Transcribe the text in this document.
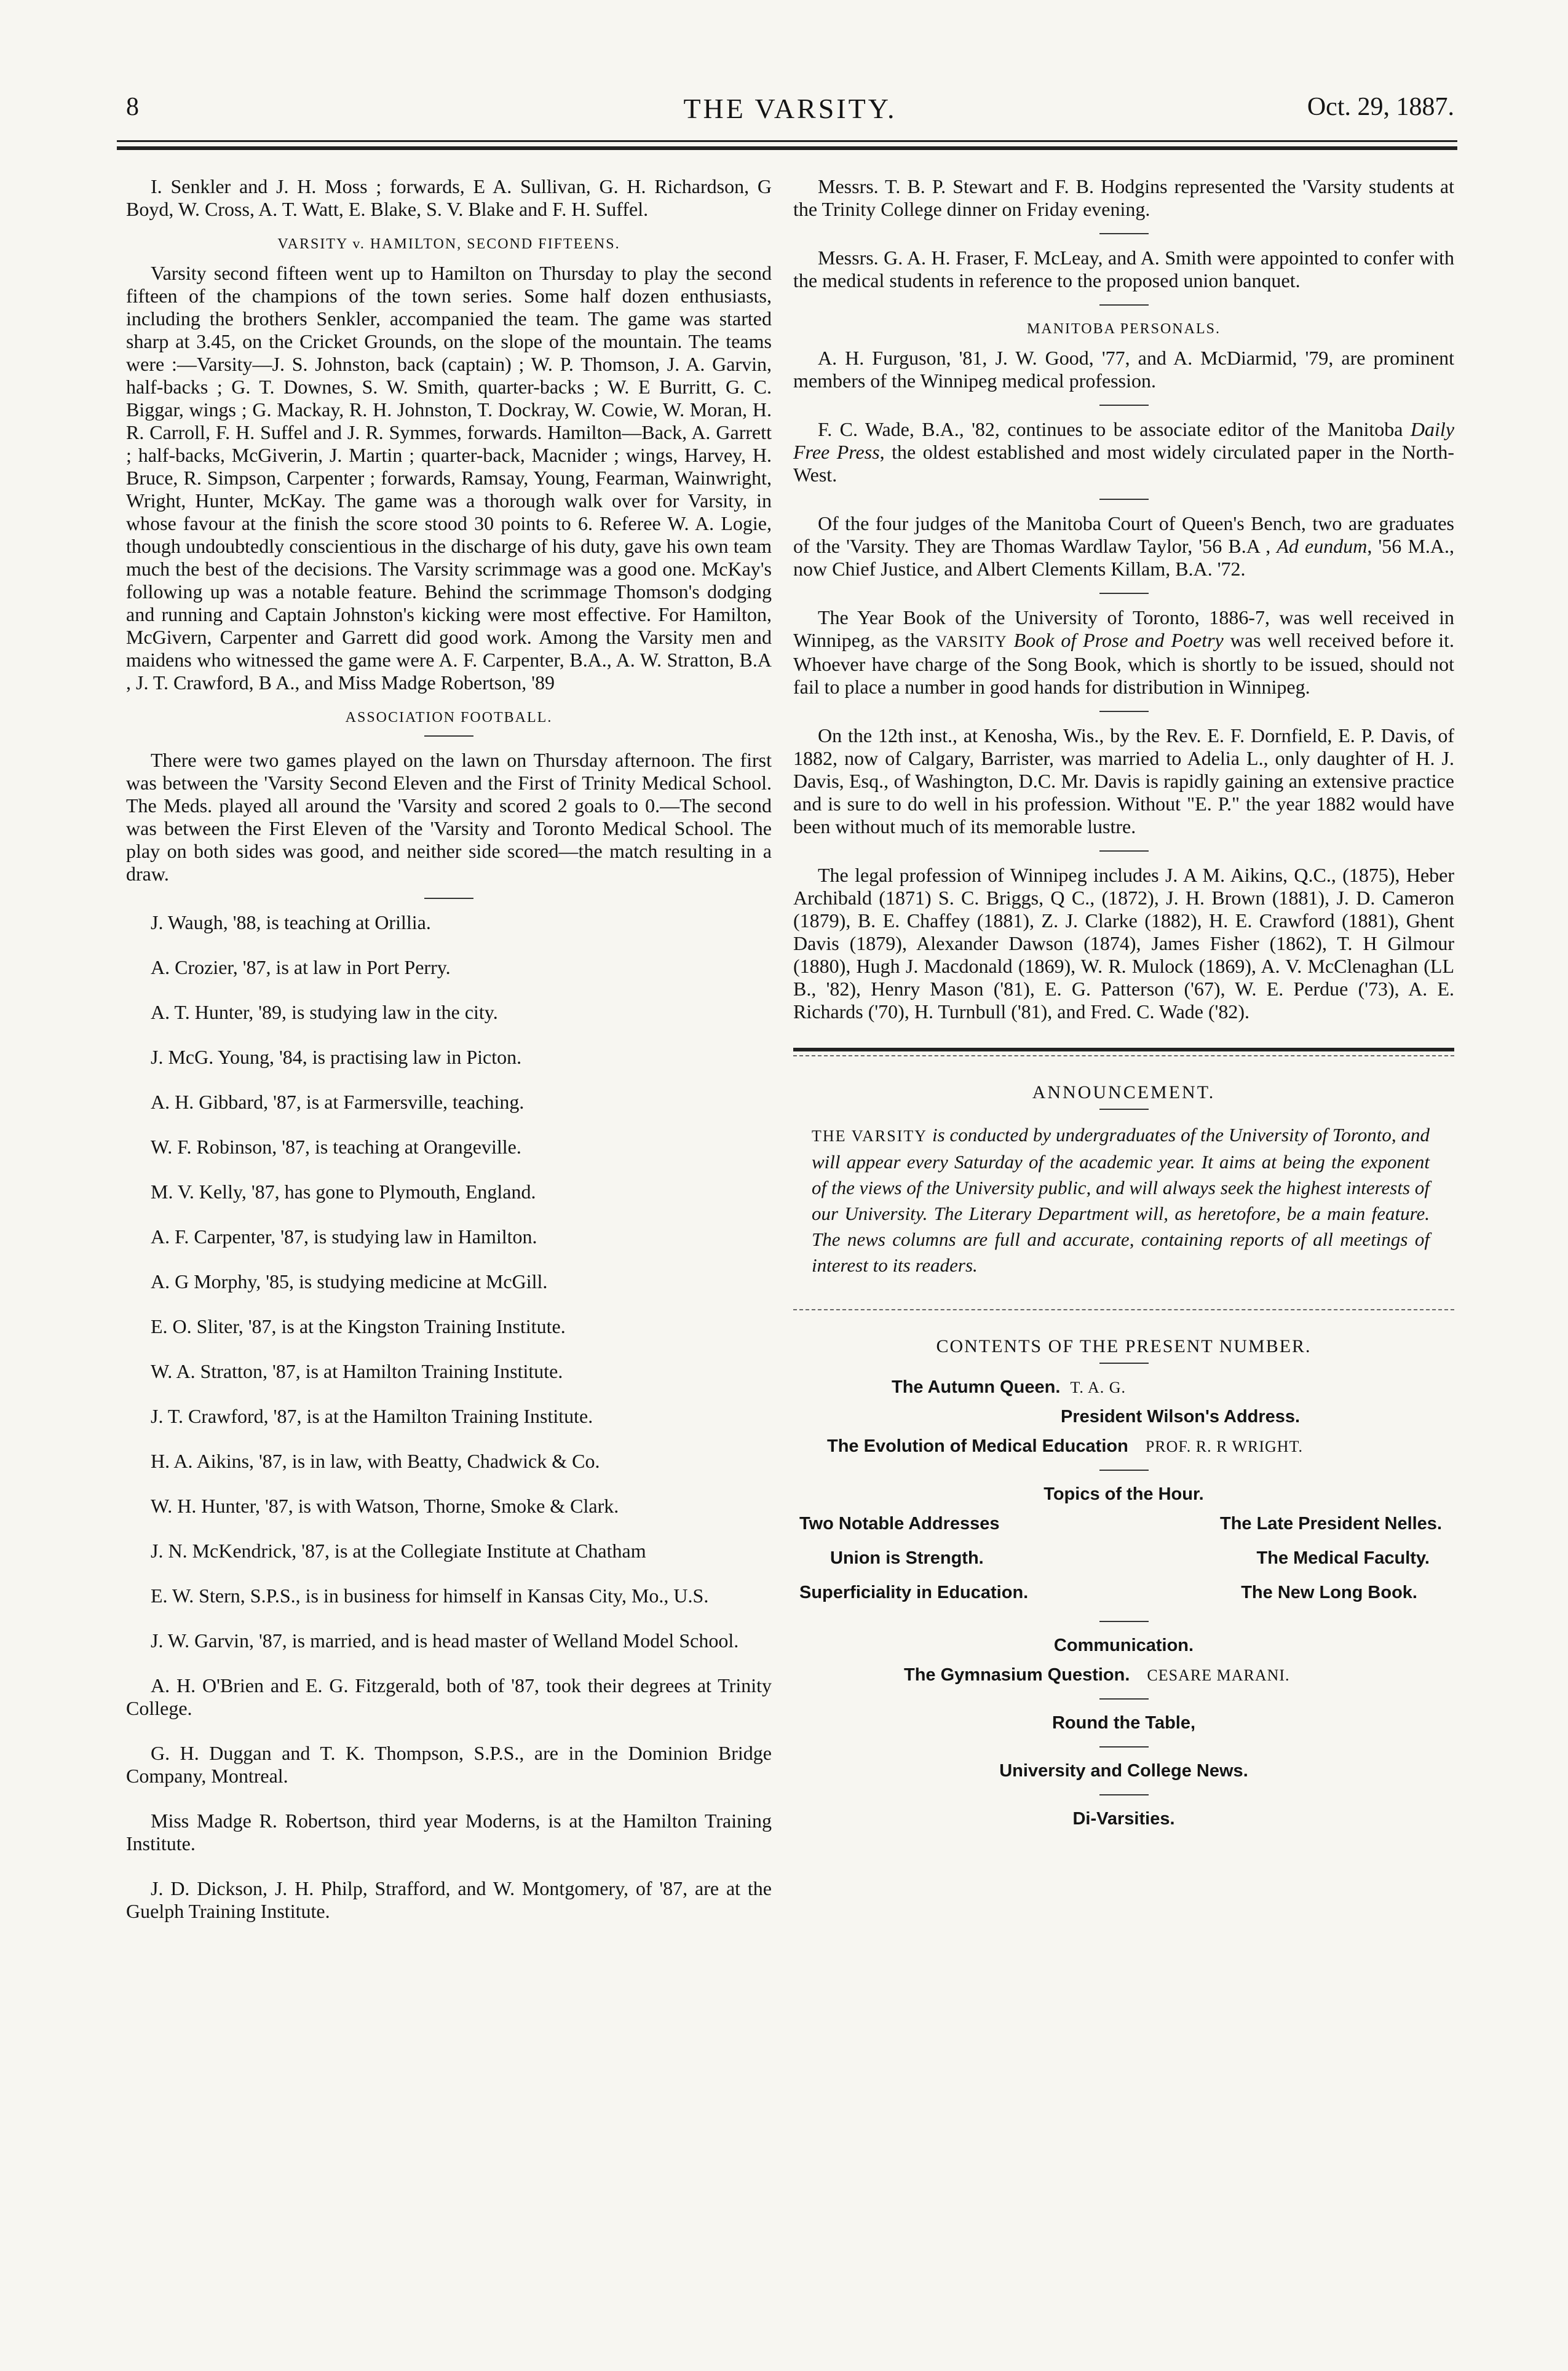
8	THE VARSITY.	Oct. 29, 1887.

I. Senkler and J. H. Moss ; forwards, E A. Sullivan, G. H. Richardson, G Boyd, W. Cross, A. T. Watt, E. Blake, S. V. Blake and F. H. Suffel.

VARSITY v. HAMILTON, SECOND FIFTEENS.

Varsity second fifteen went up to Hamilton on Thursday to play the second fifteen of the champions of the town series. Some half dozen enthusiasts, including the brothers Senkler, accompanied the team. The game was started sharp at 3.45, on the Cricket Grounds, on the slope of the mountain. The teams were :—Varsity—J. S. Johnston, back (captain) ; W. P. Thomson, J. A. Garvin, half-backs ; G. T. Downes, S. W. Smith, quarter-backs ; W. E Burritt, G. C. Biggar, wings ; G. Mackay, R. H. Johnston, T. Dockray, W. Cowie, W. Moran, H. R. Carroll, F. H. Suffel and J. R. Symmes, forwards. Hamilton—Back, A. Garrett ; half-backs, McGiverin, J. Martin ; quarter-back, Macnider ; wings, Harvey, H. Bruce, R. Simpson, Carpenter ; forwards, Ramsay, Young, Fearman, Wainwright, Wright, Hunter, McKay. The game was a thorough walk over for Varsity, in whose favour at the finish the score stood 30 points to 6. Referee W. A. Logie, though undoubtedly conscientious in the discharge of his duty, gave his own team much the best of the decisions. The Varsity scrimmage was a good one. McKay's following up was a notable feature. Behind the scrimmage Thomson's dodging and running and Captain Johnston's kicking were most effective. For Hamilton, McGivern, Carpenter and Garrett did good work. Among the Varsity men and maidens who witnessed the game were A. F. Carpenter, B.A., A. W. Stratton, B.A , J. T. Crawford, B A., and Miss Madge Robertson, '89

ASSOCIATION FOOTBALL.

There were two games played on the lawn on Thursday afternoon. The first was between the 'Varsity Second Eleven and the First of Trinity Medical School. The Meds. played all around the 'Varsity and scored 2 goals to 0.—The second was between the First Eleven of the 'Varsity and Toronto Medical School. The play on both sides was good, and neither side scored—the match resulting in a draw.

J. Waugh, '88, is teaching at Orillia.
A. Crozier, '87, is at law in Port Perry.
A. T. Hunter, '89, is studying law in the city.
J. McG. Young, '84, is practising law in Picton.
A. H. Gibbard, '87, is at Farmersville, teaching.
W. F. Robinson, '87, is teaching at Orangeville.
M. V. Kelly, '87, has gone to Plymouth, England.
A. F. Carpenter, '87, is studying law in Hamilton.
A. G Morphy, '85, is studying medicine at McGill.
E. O. Sliter, '87, is at the Kingston Training Institute.
W. A. Stratton, '87, is at Hamilton Training Institute.
J. T. Crawford, '87, is at the Hamilton Training Institute.
H. A. Aikins, '87, is in law, with Beatty, Chadwick & Co.
W. H. Hunter, '87, is with Watson, Thorne, Smoke & Clark.
J. N. McKendrick, '87, is at the Collegiate Institute at Chatham
E. W. Stern, S.P.S., is in business for himself in Kansas City, Mo., U.S.
J. W. Garvin, '87, is married, and is head master of Welland Model School.
A. H. O'Brien and E. G. Fitzgerald, both of '87, took their degrees at Trinity College.
G. H. Duggan and T. K. Thompson, S.P.S., are in the Dominion Bridge Company, Montreal.
Miss Madge R. Robertson, third year Moderns, is at the Hamilton Training Institute.
J. D. Dickson, J. H. Philp, Strafford, and W. Montgomery, of '87, are at the Guelph Training Institute.

Messrs. T. B. P. Stewart and F. B. Hodgins represented the 'Varsity students at the Trinity College dinner on Friday evening.

Messrs. G. A. H. Fraser, F. McLeay, and A. Smith were appointed to confer with the medical students in reference to the proposed union banquet.

MANITOBA PERSONALS.

A. H. Furguson, '81, J. W. Good, '77, and A. McDiarmid, '79, are prominent members of the Winnipeg medical profession.

F. C. Wade, B.A., '82, continues to be associate editor of the Manitoba Daily Free Press, the oldest established and most widely circulated paper in the North-West.

Of the four judges of the Manitoba Court of Queen's Bench, two are graduates of the 'Varsity. They are Thomas Wardlaw Taylor, '56 B.A , Ad eundum, '56 M.A., now Chief Justice, and Albert Clements Killam, B.A. '72.

The Year Book of the University of Toronto, 1886-7, was well received in Winnipeg, as the VARSITY Book of Prose and Poetry was well received before it. Whoever have charge of the Song Book, which is shortly to be issued, should not fail to place a number in good hands for distribution in Winnipeg.

On the 12th inst., at Kenosha, Wis., by the Rev. E. F. Dornfield, E. P. Davis, of 1882, now of Calgary, Barrister, was married to Adelia L., only daughter of H. J. Davis, Esq., of Washington, D.C. Mr. Davis is rapidly gaining an extensive practice and is sure to do well in his profession. Without "E. P." the year 1882 would have been without much of its memorable lustre.

The legal profession of Winnipeg includes J. A M. Aikins, Q.C., (1875), Heber Archibald (1871) S. C. Briggs, Q C., (1872), J. H. Brown (1881), J. D. Cameron (1879), B. E. Chaffey (1881), Z. J. Clarke (1882), H. E. Crawford (1881), Ghent Davis (1879), Alexander Dawson (1874), James Fisher (1862), T. H Gilmour (1880), Hugh J. Macdonald (1869), W. R. Mulock (1869), A. V. McClenaghan (LL B., '82), Henry Mason ('81), E. G. Patterson ('67), W. E. Perdue ('73), A. E. Richards ('70), H. Turnbull ('81), and Fred. C. Wade ('82).

ANNOUNCEMENT.
THE VARSITY is conducted by undergraduates of the University of Toronto, and will appear every Saturday of the academic year. It aims at being the exponent of the views of the University public, and will always seek the highest interests of our University. The Literary Department will, as heretofore, be a main feature. The news columns are full and accurate, containing reports of all meetings of interest to its readers.
CONTENTS OF THE PRESENT NUMBER.
The Autumn Queen. T. A. G.
President Wilson's Address.
The Evolution of Medical Education PROF. R. R WRIGHT.
Topics of the Hour.
Two Notable Addresses	The Late President Nelles.
Union is Strength.	The Medical Faculty.
Superficiality in Education.	The New Long Book.
Communication.
The Gymnasium Question. CESARE MARANI.
Round the Table,
University and College News.
Di-Varsities.
